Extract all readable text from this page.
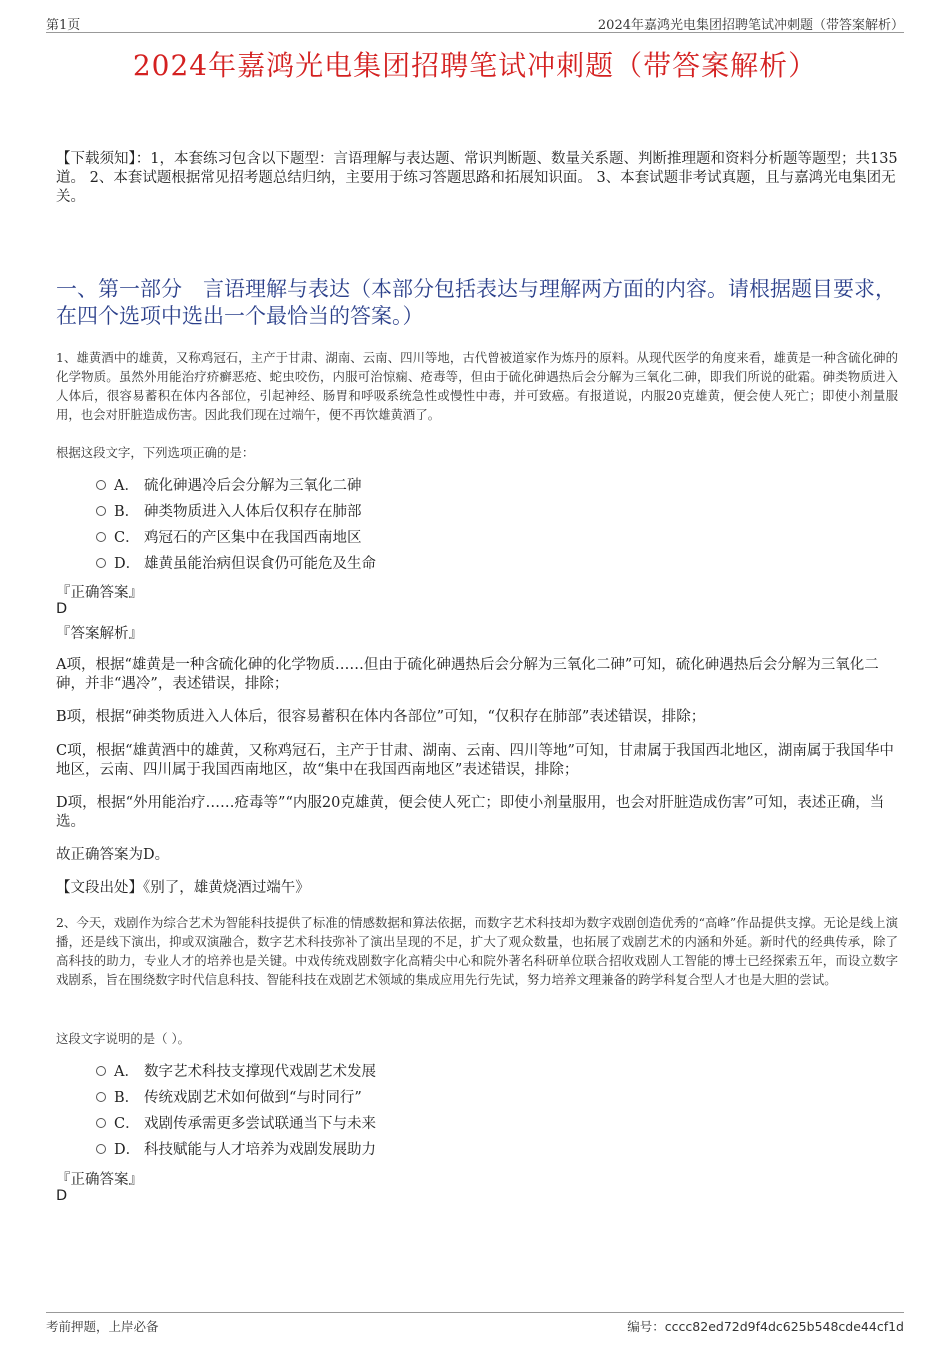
第1页	2024年嘉鸿光电集团招聘笔试冲刺题（带答案解析）
2024年嘉鸿光电集团招聘笔试冲刺题（带答案解析）
【下载须知】：1，本套练习包含以下题型：言语理解与表达题、常识判断题、数量关系题、判断推理题和资料分析题等题型；共135道。 2、本套试题根据常见招考题总结归纳，主要用于练习答题思路和拓展知识面。 3、本套试题非考试真题，且与嘉鸿光电集团无关。
一、第一部分　言语理解与表达（本部分包括表达与理解两方面的内容。请根据题目要求，在四个选项中选出一个最恰当的答案。）
1、雄黄酒中的雄黄，又称鸡冠石，主产于甘肃、湖南、云南、四川等地，古代曾被道家作为炼丹的原料。从现代医学的角度来看，雄黄是一种含硫化砷的化学物质。虽然外用能治疗疥癣恶疮、蛇虫咬伤，内服可治惊痫、疮毒等，但由于硫化砷遇热后会分解为三氧化二砷，即我们所说的砒霜。砷类物质进入人体后，很容易蓄积在体内各部位，引起神经、肠胃和呼吸系统急性或慢性中毒，并可致癌。有报道说，内服20克雄黄，便会使人死亡；即使小剂量服用，也会对肝脏造成伤害。因此我们现在过端午，便不再饮雄黄酒了。
根据这段文字，下列选项正确的是：
A． 硫化砷遇冷后会分解为三氧化二砷
B． 砷类物质进入人体后仅积存在肺部
C． 鸡冠石的产区集中在我国西南地区
D． 雄黄虽能治病但误食仍可能危及生命
『正确答案』
D
『答案解析』
A项，根据“雄黄是一种含硫化砷的化学物质……但由于硫化砷遇热后会分解为三氧化二砷”可知，硫化砷遇热后会分解为三氧化二砷，并非“遇冷”，表述错误，排除；
B项，根据“砷类物质进入人体后，很容易蓄积在体内各部位”可知，“仅积存在肺部”表述错误，排除；
C项，根据“雄黄酒中的雄黄，又称鸡冠石，主产于甘肃、湖南、云南、四川等地”可知，甘肃属于我国西北地区，湖南属于我国华中地区，云南、四川属于我国西南地区，故“集中在我国西南地区”表述错误，排除；
D项，根据“外用能治疗……疮毒等”“内服20克雄黄，便会使人死亡；即使小剂量服用，也会对肝脏造成伤害”可知，表述正确，当选。
故正确答案为D。
【文段出处】《别了，雄黄烧酒过端午》
2、今天，戏剧作为综合艺术为智能科技提供了标准的情感数据和算法依据，而数字艺术科技却为数字戏剧创造优秀的“高峰”作品提供支撑。无论是线上演播，还是线下演出，抑或双演融合，数字艺术科技弥补了演出呈现的不足，扩大了观众数量，也拓展了戏剧艺术的内涵和外延。新时代的经典传承，除了高科技的助力，专业人才的培养也是关键。中戏传统戏剧数字化高精尖中心和院外著名科研单位联合招收戏剧人工智能的博士已经探索五年，而设立数字戏剧系，旨在围绕数字时代信息科技、智能科技在戏剧艺术领域的集成应用先行先试，努力培养文理兼备的跨学科复合型人才也是大胆的尝试。
这段文字说明的是（ ）。
A． 数字艺术科技支撑现代戏剧艺术发展
B． 传统戏剧艺术如何做到“与时同行”
C． 戏剧传承需更多尝试联通当下与未来
D． 科技赋能与人才培养为戏剧发展助力
『正确答案』
D
考前押题，上岸必备	编号：cccc82ed72d9f4dc625b548cde44cf1d
